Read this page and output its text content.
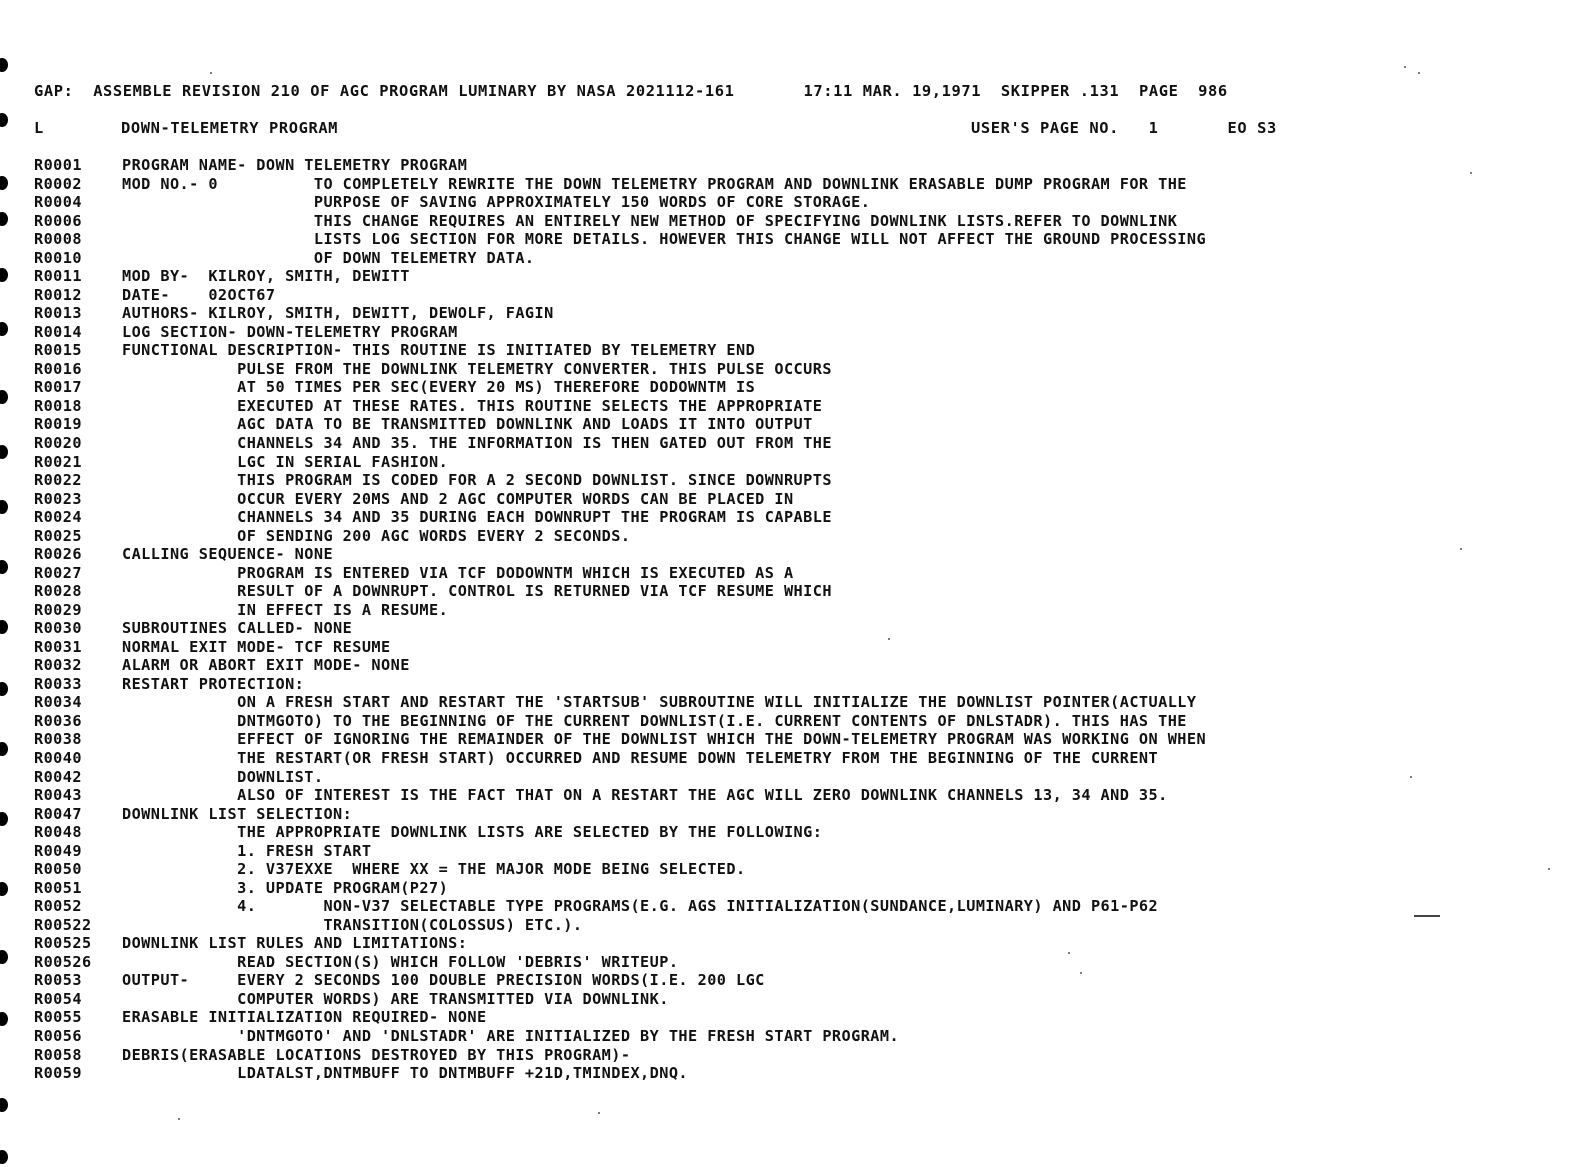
GAP:  ASSEMBLE REVISION 210 OF AGC PROGRAM LUMINARY BY NASA 2021112-161       17:11 MAR. 19,1971  SKIPPER .131  PAGE  986

L

	DOWN-TELEMETRY PROGRAM

	USER'S PAGE NO.   1       EO S3

R0001	PROGRAM NAME- DOWN TELEMETRY PROGRAM
R0002	MOD NO.- 0          TO COMPLETELY REWRITE THE DOWN TELEMETRY PROGRAM AND DOWNLINK ERASABLE DUMP PROGRAM FOR THE
R0004	PURPOSE OF SAVING APPROXIMATELY 150 WORDS OF CORE STORAGE.
R0006	THIS CHANGE REQUIRES AN ENTIRELY NEW METHOD OF SPECIFYING DOWNLINK LISTS.REFER TO DOWNLINK
R0008	LISTS LOG SECTION FOR MORE DETAILS. HOWEVER THIS CHANGE WILL NOT AFFECT THE GROUND PROCESSING
R0010	OF DOWN TELEMETRY DATA.
R0011	MOD BY-  KILROY, SMITH, DEWITT
R0012	DATE-    02OCT67
R0013	AUTHORS- KILROY, SMITH, DEWITT, DEWOLF, FAGIN
R0014	LOG SECTION- DOWN-TELEMETRY PROGRAM
R0015	FUNCTIONAL DESCRIPTION- THIS ROUTINE IS INITIATED BY TELEMETRY END
R0016	PULSE FROM THE DOWNLINK TELEMETRY CONVERTER. THIS PULSE OCCURS
R0017	AT 50 TIMES PER SEC(EVERY 20 MS) THEREFORE DODOWNTM IS
R0018	EXECUTED AT THESE RATES. THIS ROUTINE SELECTS THE APPROPRIATE
R0019	AGC DATA TO BE TRANSMITTED DOWNLINK AND LOADS IT INTO OUTPUT
R0020	CHANNELS 34 AND 35. THE INFORMATION IS THEN GATED OUT FROM THE
R0021	LGC IN SERIAL FASHION.
R0022	THIS PROGRAM IS CODED FOR A 2 SECOND DOWNLIST. SINCE DOWNRUPTS
R0023	OCCUR EVERY 20MS AND 2 AGC COMPUTER WORDS CAN BE PLACED IN
R0024	CHANNELS 34 AND 35 DURING EACH DOWNRUPT THE PROGRAM IS CAPABLE
R0025	OF SENDING 200 AGC WORDS EVERY 2 SECONDS.
R0026	CALLING SEQUENCE- NONE
R0027	PROGRAM IS ENTERED VIA TCF DODOWNTM WHICH IS EXECUTED AS A
R0028	RESULT OF A DOWNRUPT. CONTROL IS RETURNED VIA TCF RESUME WHICH
R0029	IN EFFECT IS A RESUME.
R0030	SUBROUTINES CALLED- NONE
R0031	NORMAL EXIT MODE- TCF RESUME
R0032	ALARM OR ABORT EXIT MODE- NONE
R0033	RESTART PROTECTION:
R0034	ON A FRESH START AND RESTART THE 'STARTSUB' SUBROUTINE WILL INITIALIZE THE DOWNLIST POINTER(ACTUALLY
R0036	DNTMGOTO) TO THE BEGINNING OF THE CURRENT DOWNLIST(I.E. CURRENT CONTENTS OF DNLSTADR). THIS HAS THE
R0038	EFFECT OF IGNORING THE REMAINDER OF THE DOWNLIST WHICH THE DOWN-TELEMETRY PROGRAM WAS WORKING ON WHEN
R0040	THE RESTART(OR FRESH START) OCCURRED AND RESUME DOWN TELEMETRY FROM THE BEGINNING OF THE CURRENT
R0042	DOWNLIST.
R0043	ALSO OF INTEREST IS THE FACT THAT ON A RESTART THE AGC WILL ZERO DOWNLINK CHANNELS 13, 34 AND 35.
R0047	DOWNLINK LIST SELECTION:
R0048	THE APPROPRIATE DOWNLINK LISTS ARE SELECTED BY THE FOLLOWING:
R0049	1. FRESH START
R0050	2. V37EXXE  WHERE XX = THE MAJOR MODE BEING SELECTED.
R0051	3. UPDATE PROGRAM(P27)
R0052	4.       NON-V37 SELECTABLE TYPE PROGRAMS(E.G. AGS INITIALIZATION(SUNDANCE,LUMINARY) AND P61-P62
R00522 TRANSITION(COLOSSUS) ETC.).
R00525 DOWNLINK LIST RULES AND LIMITATIONS:
R00526 READ SECTION(S) WHICH FOLLOW 'DEBRIS' WRITEUP.
R0053	OUTPUT-     EVERY 2 SECONDS 100 DOUBLE PRECISION WORDS(I.E. 200 LGC
R0054	COMPUTER WORDS) ARE TRANSMITTED VIA DOWNLINK.
R0055	ERASABLE INITIALIZATION REQUIRED- NONE
R0056	'DNTMGOTO' AND 'DNLSTADR' ARE INITIALIZED BY THE FRESH START PROGRAM.
R0058	DEBRIS(ERASABLE LOCATIONS DESTROYED BY THIS PROGRAM)-
R0059	LDATALST,DNTMBUFF TO DNTMBUFF +21D,TMINDEX,DNQ.
